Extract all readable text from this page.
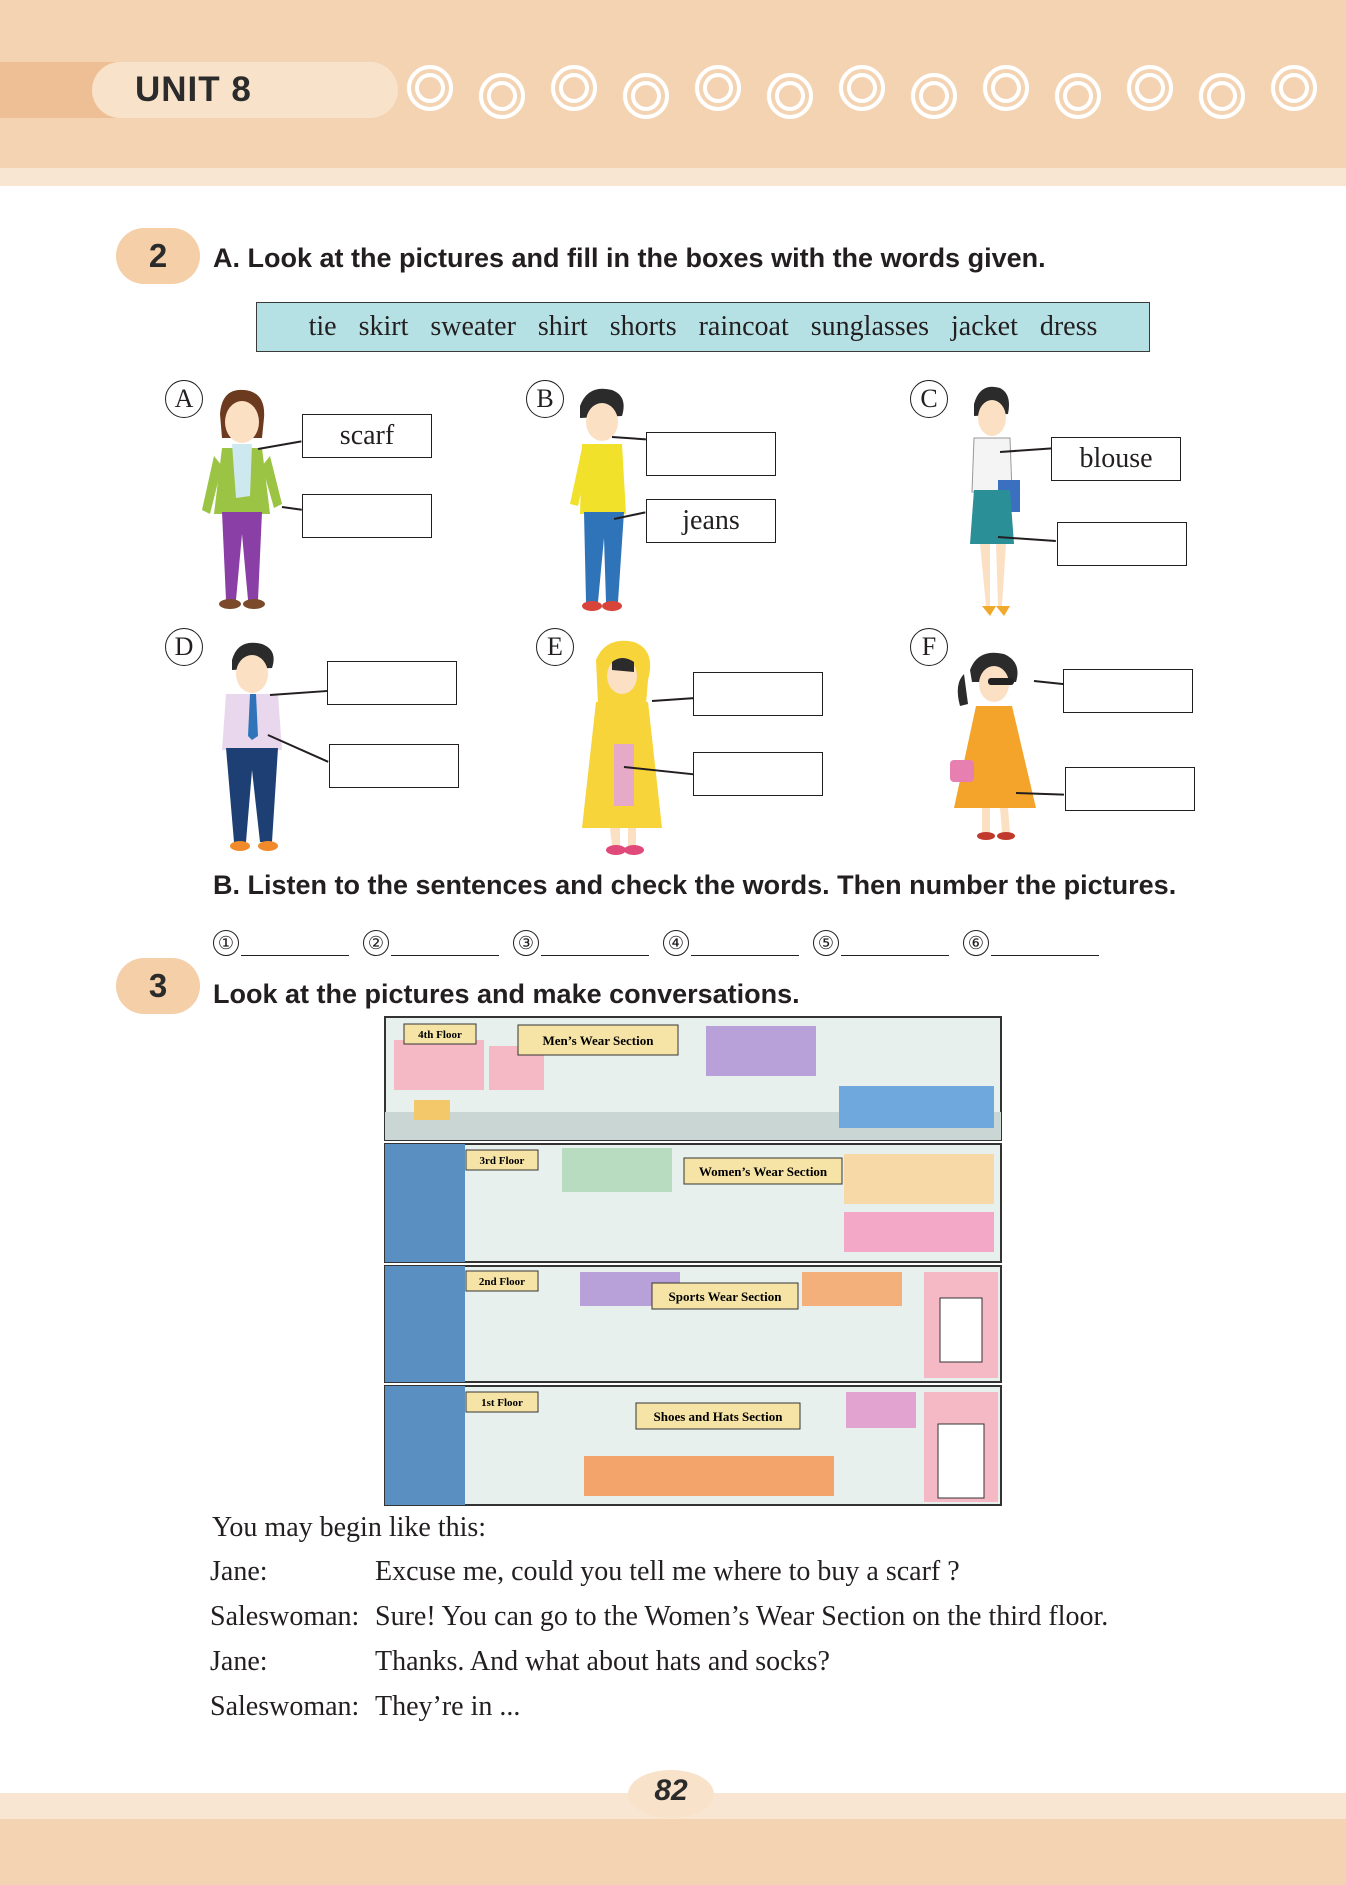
UNIT 8
2	A. Look at the pictures and fill in the boxes with the words given.
tie skirt sweater shirt shorts raincoat sunglasses jacket dress
A
scarf
B
jeans
C
blouse
D	E	F
B. Listen to the sentences and check the words. Then number the pictures.
①	②	③	④	⑤	⑥
3	Look at the pictures and make conversations.
4th Floor	Men’s Wear Section
3rd Floor
Women’s Wear Section
2nd Floor
Sports Wear Section
1st Floor
Shoes and Hats Section
You may begin like this:
Jane:	Excuse me, could you tell me where to buy a scarf ?
Saleswoman: Sure! You can go to the Women’s Wear Section on the third floor.
Jane:	Thanks. And what about hats and socks?
Saleswoman: They’re in ...
82
